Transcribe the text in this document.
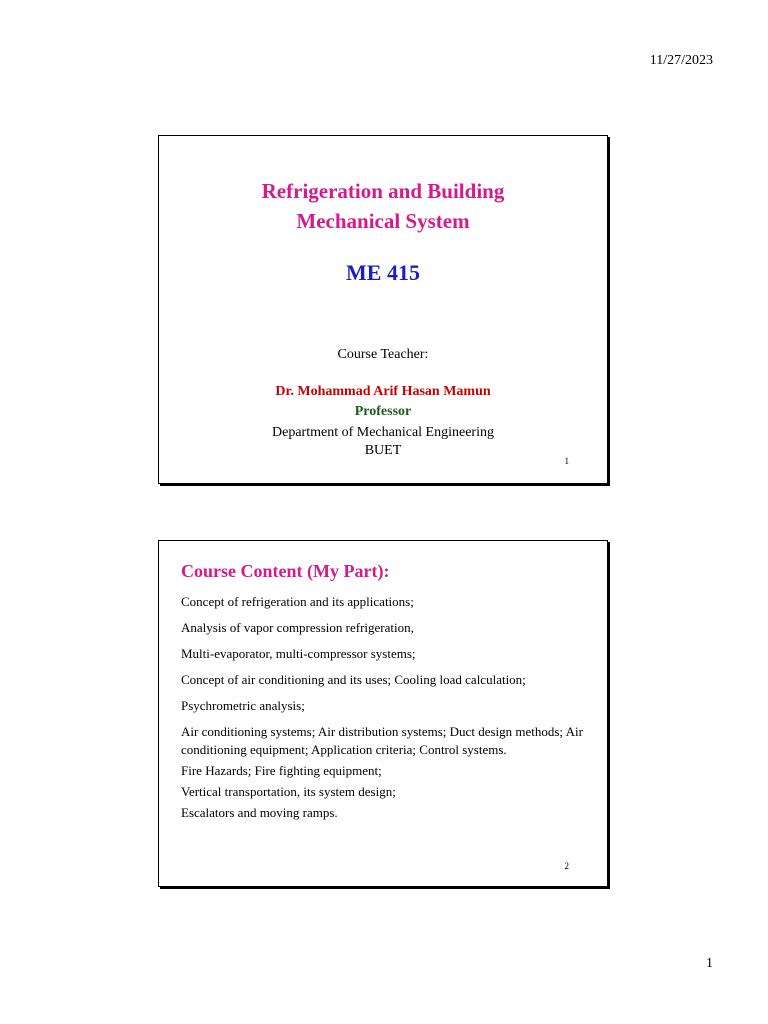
11/27/2023
Refrigeration and Building
Mechanical System
ME 415
Course Teacher:
Dr. Mohammad Arif Hasan Mamun
Professor
Department of Mechanical Engineering
BUET
1
Course Content (My Part):
Concept of refrigeration and its applications;
Analysis of vapor compression refrigeration,
Multi-evaporator, multi-compressor systems;
Concept of air conditioning and its uses; Cooling load calculation;
Psychrometric analysis;
Air conditioning systems; Air distribution systems; Duct design methods; Air conditioning equipment; Application criteria; Control systems.
Fire Hazards; Fire fighting equipment;
Vertical transportation, its system design;
Escalators and moving ramps.
2
1
